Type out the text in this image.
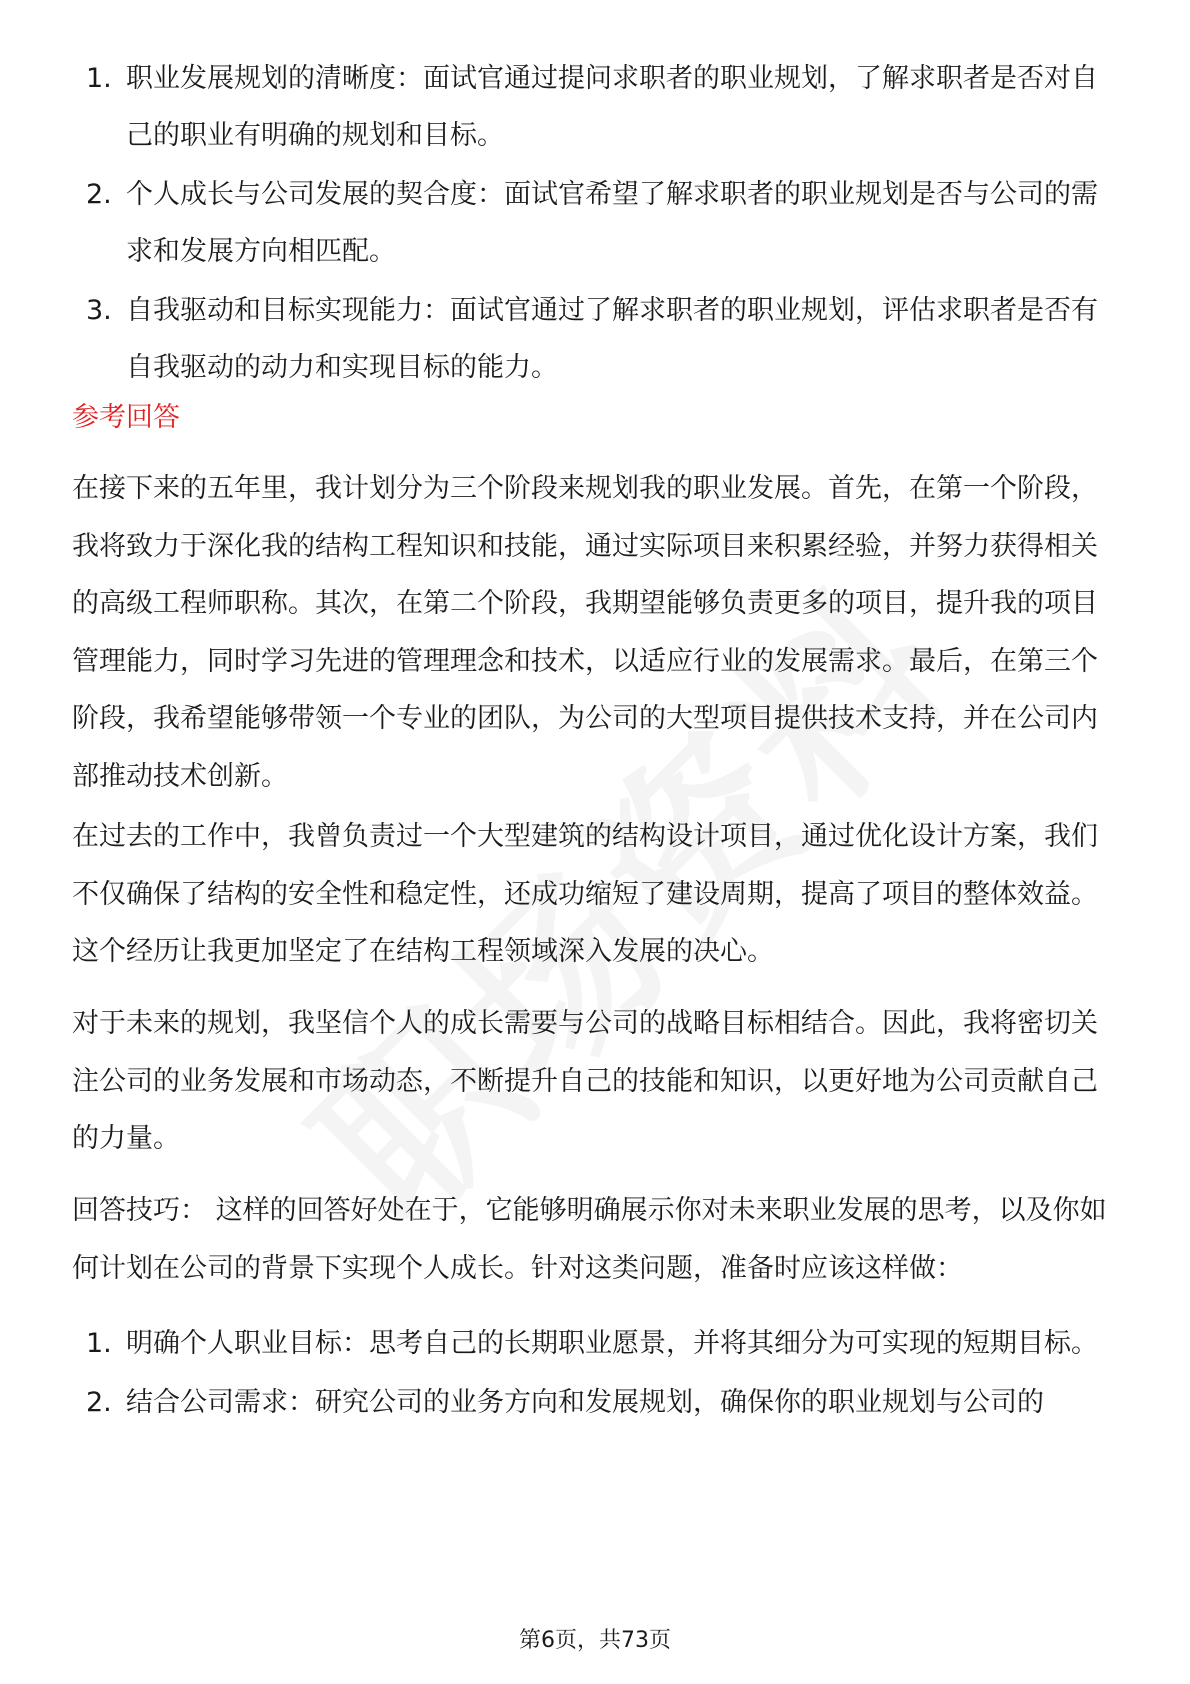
1. 职业发展规划的清晰度：面试官通过提问求职者的职业规划，了解求职者是否对自己的职业有明确的规划和目标。
2. 个人成长与公司发展的契合度：面试官希望了解求职者的职业规划是否与公司的需求和发展方向相匹配。
3. 自我驱动和目标实现能力：面试官通过了解求职者的职业规划，评估求职者是否有自我驱动的动力和实现目标的能力。
参考回答

在接下来的五年里，我计划分为三个阶段来规划我的职业发展。首先，在第一个阶段，我将致力于深化我的结构工程知识和技能，通过实际项目来积累经验，并努力获得相关的高级工程师职称。其次，在第二个阶段，我期望能够负责更多的项目，提升我的项目管理能力，同时学习先进的管理理念和技术，以适应行业的发展需求。最后，在第三个阶段，我希望能够带领一个专业的团队，为公司的大型项目提供技术支持，并在公司内部推动技术创新。

在过去的工作中，我曾负责过一个大型建筑的结构设计项目，通过优化设计方案，我们不仅确保了结构的安全性和稳定性，还成功缩短了建设周期，提高了项目的整体效益。这个经历让我更加坚定了在结构工程领域深入发展的决心。

对于未来的规划，我坚信个人的成长需要与公司的战略目标相结合。因此，我将密切关注公司的业务发展和市场动态，不断提升自己的技能和知识，以更好地为公司贡献自己的力量。

回答技巧： 这样的回答好处在于，它能够明确展示你对未来职业发展的思考，以及你如何计划在公司的背景下实现个人成长。针对这类问题，准备时应该这样做：

1. 明确个人职业目标：思考自己的长期职业愿景，并将其细分为可实现的短期目标。
2. 结合公司需求：研究公司的业务方向和发展规划，确保你的职业规划与公司的
第6页，共73页
